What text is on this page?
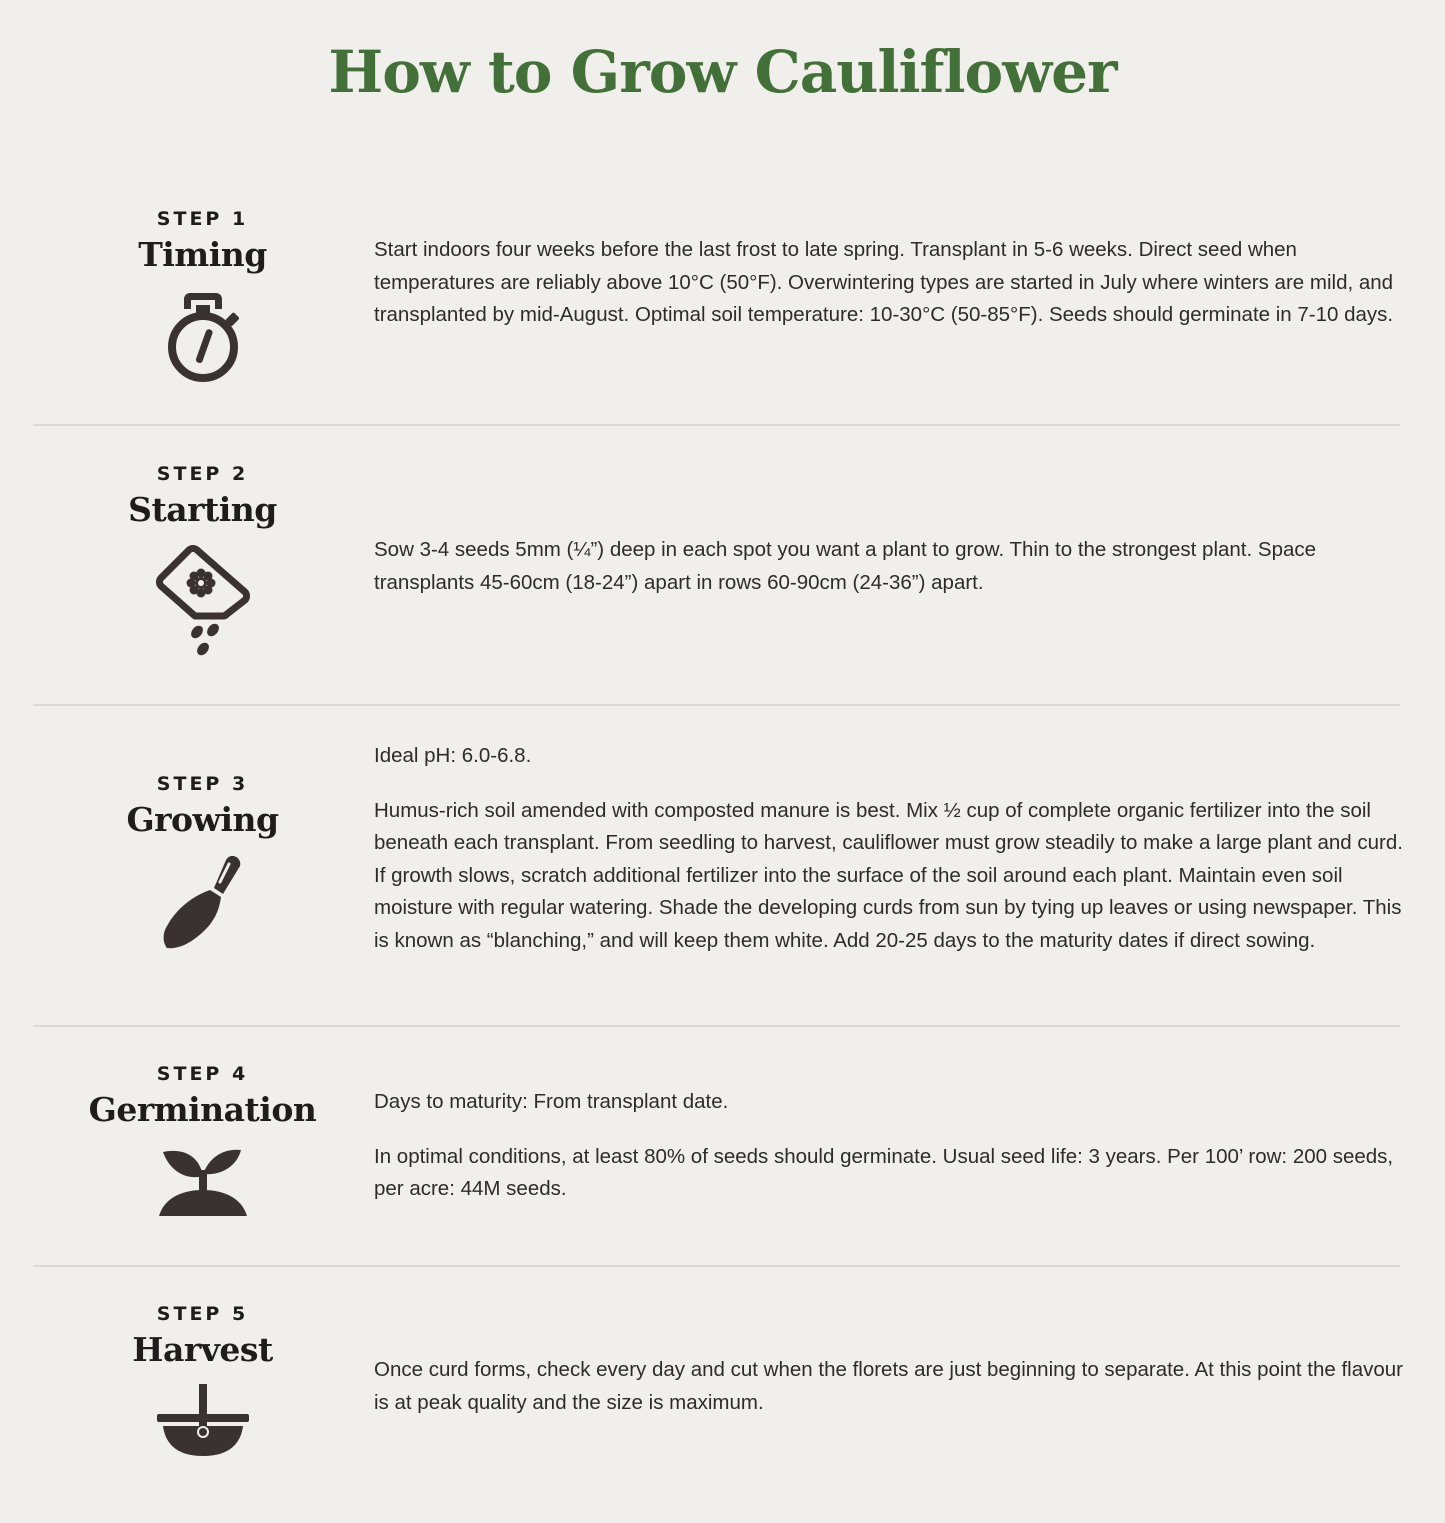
How to Grow Cauliflower
STEP 1
Timing	Start indoors four weeks before the last frost to late spring. Transplant in 5-6 weeks. Direct seed when temperatures are reliably above 10°C (50°F). Overwintering types are started in July where winters are mild, and transplanted by mid-August. Optimal soil temperature: 10-30°C (50-85°F). Seeds should germinate in 7-10 days.

STEP 2
Starting

Sow 3-4 seeds 5mm (¼”) deep in each spot you want a plant to grow. Thin to the strongest plant. Space transplants 45-60cm (18-24”) apart in rows 60-90cm (24-36”) apart.

STEP 3
Growing

Ideal pH: 6.0-6.8.

Humus-rich soil amended with composted manure is best. Mix ½ cup of complete organic fertilizer into the soil beneath each transplant. From seedling to harvest, cauliflower must grow steadily to make a large plant and curd. If growth slows, scratch additional fertilizer into the surface of the soil around each plant. Maintain even soil moisture with regular watering. Shade the developing curds from sun by tying up leaves or using newspaper. This is known as “blanching,” and will keep them white. Add 20-25 days to the maturity dates if direct sowing.

STEP 4
Germination	Days to maturity: From transplant date.

In optimal conditions, at least 80% of seeds should germinate. Usual seed life: 3 years. Per 100’ row: 200 seeds, per acre: 44M seeds.

STEP 5
Harvest

Once curd forms, check every day and cut when the florets are just beginning to separate. At this point the flavour is at peak quality and the size is maximum.
